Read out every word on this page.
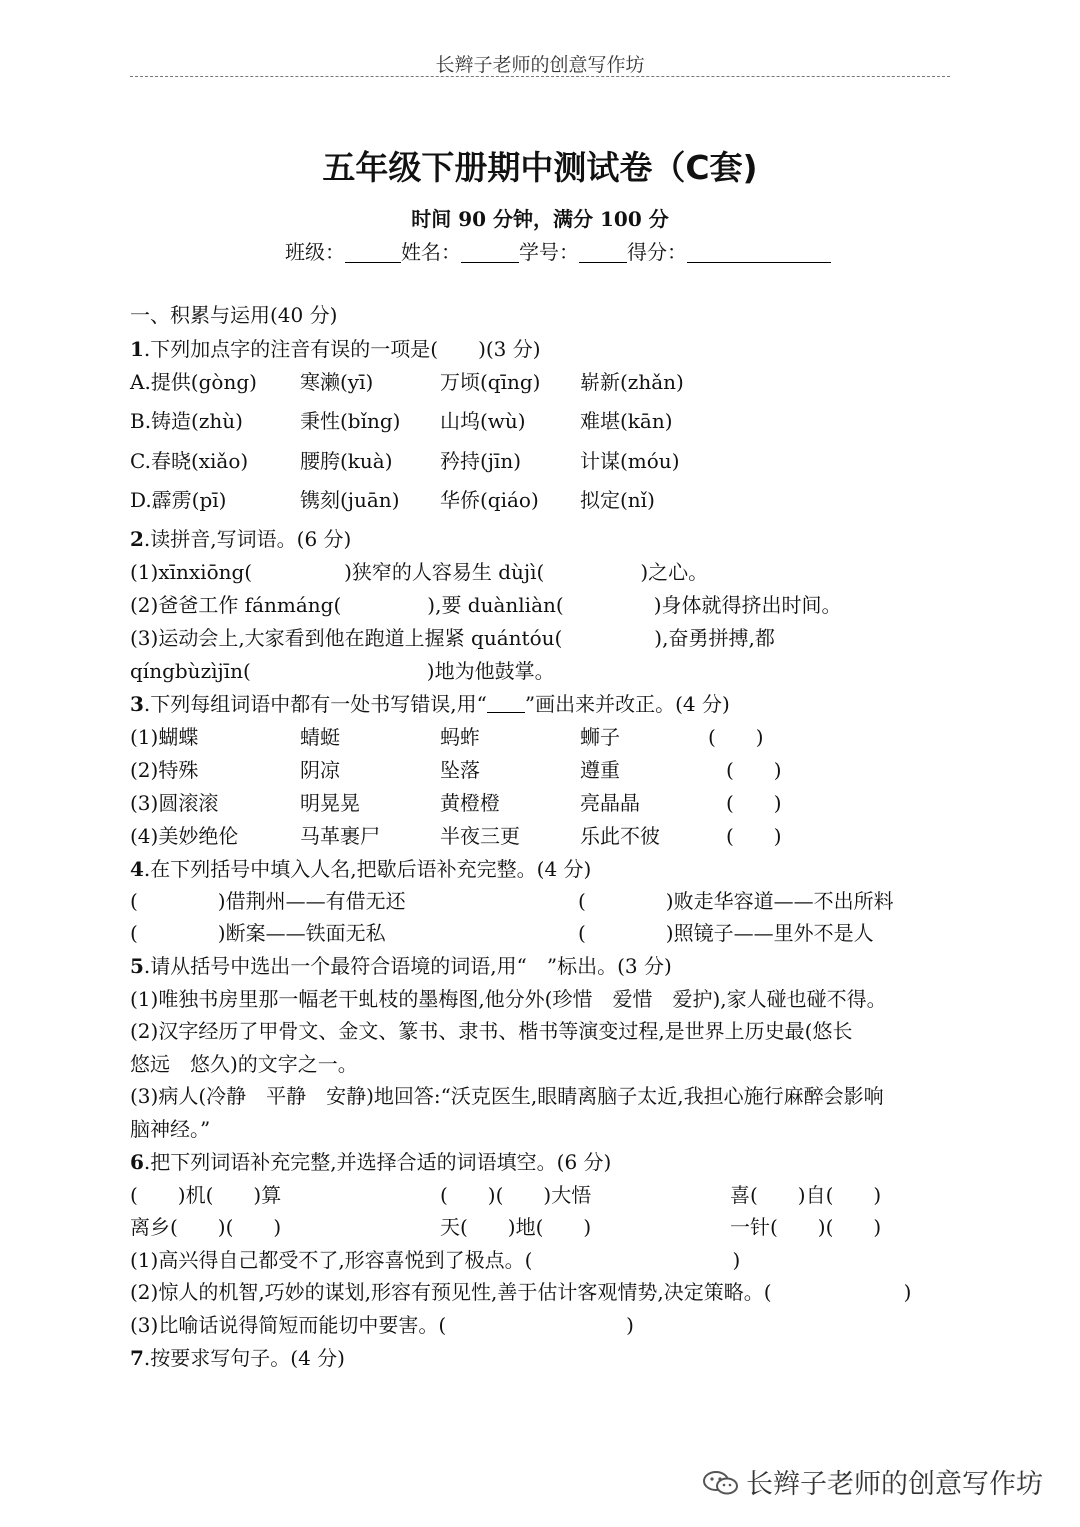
长辫子老师的创意写作坊
五年级下册期中测试卷（C套)
时间 90 分钟，满分 100 分
班级：	姓名：	学号： 得分：
一、积累与运用(40 分)
1.下列加点字的注音有误的一项是(　　)(3 分)
A.提供(gòng) 寒濑(yī)	万顷(qīng) 崭新(zhǎn)
B.铸造(zhù)	秉性(bǐng) 山坞(wù)	难堪(kān)
C.春晓(xiǎo)	腰胯(kuà) 矜持(jīn)	计谋(móu)
D.霹雳(pī)	镌刻(juān) 华侨(qiáo) 拟定(nǐ)
2.读拼音,写词语。(6 分)
(1)xīnxiōng(	)狭窄的人容易生 dùjì(	)之心。
(2)爸爸工作 fánmáng(	),要 duànliàn(	)身体就得挤出时间。
(3)运动会上,大家看到他在跑道上握紧 quántóu(	),奋勇拼搏,都
qíngbùzìjīn(	)地为他鼓掌。
3.下列每组词语中都有一处书写错误,用“ ”画出来并改正。(4 分)
(1)蝴蝶	蜻蜓	蚂蚱	蛳子	(　　)
(2)特殊	阴凉	坠落	遵重	(　　)
(3)圆滚滚	明晃晃	黄橙橙	亮晶晶	(　　)
(4)美妙绝伦	马革裹尸	半夜三更	乐此不彼	(　　)
4.在下列括号中填入人名,把歇后语补充完整。(4 分)
(　　　　)借荆州——有借无还	(　　　　)败走华容道——不出所料
(　　　　)断案——铁面无私	(　　　　)照镜子——里外不是人
5.请从括号中选出一个最符合语境的词语,用“　”标出。(3 分)
(1)唯独书房里那一幅老干虬枝的墨梅图,他分外(珍惜　爱惜　爱护),家人碰也碰不得。
(2)汉字经历了甲骨文、金文、篆书、隶书、楷书等演变过程,是世界上历史最(悠长
悠远　悠久)的文字之一。
(3)病人(冷静　平静　安静)地回答:“沃克医生,眼睛离脑子太近,我担心施行麻醉会影响
脑神经。”
6.把下列词语补充完整,并选择合适的词语填空。(6 分)
(　　)机(　　)算	(　　)(　　)大悟	喜(　　)自(　　)
离乡(　　)(　　)	天(　　)地(　　)	一针(　　)(　　)
(1)高兴得自己都受不了,形容喜悦到了极点。(　　　　　　　　　　)
(2)惊人的机智,巧妙的谋划,形容有预见性,善于估计客观情势,决定策略。(	)
(3)比喻话说得简短而能切中要害。(　　　　　　　　　)
7.按要求写句子。(4 分)
长辫子老师的创意写作坊
